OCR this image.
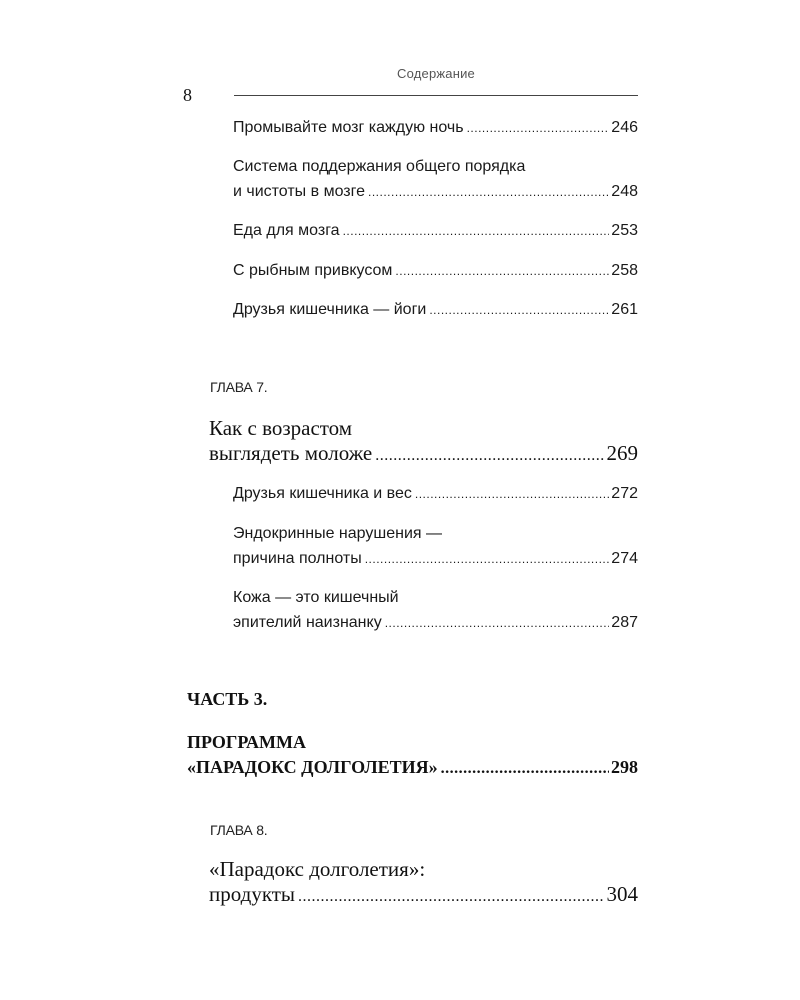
Содержание
8
Промывайте мозг каждую ночь .....	246
Система поддержания общего порядка
и чистоты в мозге .....	248
Еда для мозга .....	253
С рыбным привкусом .....	258
Друзья кишечника — йоги .....	261
ГЛАВА 7.
Как с возрастом
выглядеть моложе .....	269
Друзья кишечника и вес .....	272
Эндокринные нарушения —
причина полноты .....	274
Кожа — это кишечный
эпителий наизнанку .....	287
ЧАСТЬ 3.
ПРОГРАММА
«ПАРАДОКС ДОЛГОЛЕТИЯ» .....	298
ГЛАВА 8.
«Парадокс долголетия»:
продукты .....	304
